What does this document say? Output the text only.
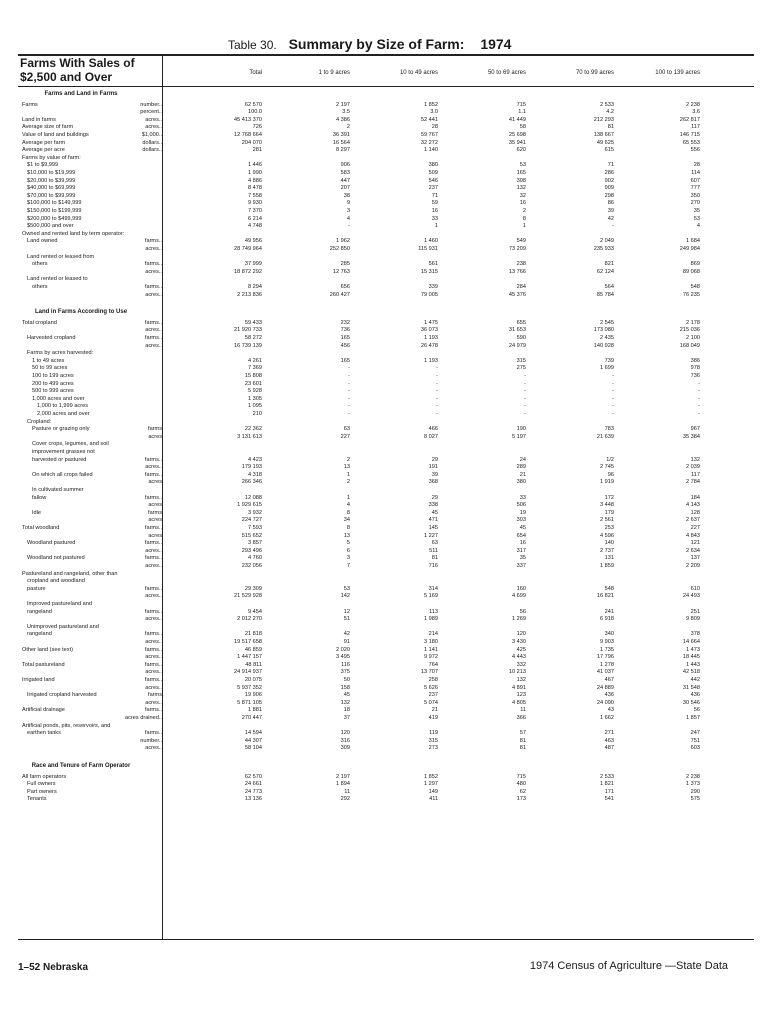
Table 30. Summary by Size of Farm: 1974
Farms With Sales of
$2,500 and Over	Total	1 to 9 acres	10 to 49 acres	50 to 69 acres	70 to 99 acres	100 to 139 acres
Farms and Land in Farms
Farms	number..	62 570	2 197	1 852	715	2 533	2 238
percent..	100.0	3.5	3.0	1.1	4.2	3.6
Land in farms	acres..	45 413 370	4 386	52 441	41 449	212 293	262 817
Average size of farm	acres..	726	2	28	58	81	117
Value of land and buildings	$1,000..	12 768 664	36 391	59 767	25 698	138 667	146 715
Average per farm	dollars..	204 070	16 564	32 272	35 941	49 625	65 553
Average per acre	dollars..	281	8 297	1 140	620	615	556
Farms by value of farm:
$1 to $9,999	1 446	906	380	53	71	28
$10,000 to $19,999	1 990	583	509	165	286	114
$20,000 to $39,999	4 886	447	546	308	902	607
$40,000 to $69,999	8 478	207	237	132	909	777
$70,000 to $99,999	7 558	38	71	32	298	350
$100,000 to $149,999	9 930	9	59	16	86	270
$150,000 to $199,999	7 370	3	16	2	39	35
$200,000 to $499,999	6 214	4	33	8	42	53
$500,000 and over	4 748	-	1	1	-	4
Owned and rented land by term operator:
Land owned	farms..	49 956	1 962	1 460	549	2 049	1 684
acres..	28 749 964	252 850	115 931	73 209	235 933	249 984
Land rented or leased from
others	farms..	37 999	285	561	238	821	869
acres..	18 872 292	12 763	15 315	13 766	62 124	89 068
Land rented or leased to
others	farms..	8 294	656	339	284	564	548
acres..	2 213 836	260 427	79 005	45 376	85 784	76 235
Land in Farms According to Use
Total cropland	farms..	59 433	232	1 475	655	2 545	2 178
acres..	21 920 733	736	36 073	31 653	173 080	215 036
Harvested cropland	farms..	58 272	165	1 193	590	2 435	2 100
acres..	16 739 139	456	26 478	24 979	140 928	168 049
Farms by acres harvested:
1 to 49 acres	4 261	165	1 193	315	739	386
50 to 99 acres	7 369	-	-	275	1 699	978
100 to 199 acres	15 808	-	-	-	-	736
200 to 499 acres	23 601	-	-	-	-	-
500 to 999 acres	5 928	-	-	-	-	-
1,000 acres and over	1 305	-	-	-	-	-
1,000 to 1,999 acres	1 095	-	-	-	-	-
2,000 acres and over	210	-	-	-	-	-
Cropland:
Pasture or grazing only	farms	22 362	63	466	190	783	967
acres	3 131 613	227	8 027	5 197	21 639	35 384
Cover crops, legumes, and soil
improvement grasses not
harvested or pastured	farms..	4 423	2	29	24	1/2	132
acres..	179 193	13	191	289	2 745	2 039
On which all crops failed	farms..	4 318	1	39	21	96	117
acres	266 346	2	368	380	1 919	2 784
In cultivated summer
fallow	farms..	12 088	1	29	33	172	184
acres	1 929 615	4	338	506	3 448	4 143
Idle	farms	3 932	8	45	19	179	128
acres	224 727	34	471	303	2 561	2 637
Total woodland	farms..	7 593	8	145	45	253	227
acres	515 652	13	1 227	654	4 596	4 843
Woodland pastured	farms..	3 857	5	63	16	140	121
acres..	293 496	6	511	317	2 737	2 634
Woodland not pastured	farms..	4 760	3	81	35	131	137
acres..	232 056	7	716	337	1 859	2 209
Pastureland and rangeland, other than
cropland and woodland
pasture	farms..	29 309	53	314	160	548	610
acres..	21 529 928	142	5 169	4 699	16 821	24 493
Improved pastureland and
rangeland	farms..	9 454	12	113	56	241	251
acres..	2 012 270	51	1 989	1 269	6 918	9 809
Unimproved pastureland and
rangeland	farms..	21 818	42	214	120	340	378
acres..	19 517 658	91	3 180	3 430	9 903	14 664
Other land (see text)	farms..	46 859	2 020	1 141	425	1 735	1 473
acres..	1 447 157	3 495	9 972	4 443	17 796	18 445
Total pastureland	farms..	48 811	116	764	332	1 278	1 443
acres..	24 914 937	375	13 707	10 213	41 037	42 518
Irrigated land	farms..	20 075	50	258	132	467	442
acres..	5 937 352	158	5 626	4 891	24 889	31 548
Irrigated cropland harvested	farms	19 906	45	237	123	436	436
acres..	5 871 105	132	5 074	4 805	24 090	30 546
Artificial drainage	farms..	1 881	18	21	11	43	56
acres drained..	270 447	37	419	366	1 662	1 857
Artificial ponds, pits, reservoirs, and
earthen tanks	farms..	14 594	120	119	57	271	247
number..	44 307	316	315	81	463	751
acres..	58 104	309	273	81	487	603
Race and Tenure of Farm Operator
All farm operators	62 570	2 197	1 852	715	2 533	2 238
Full owners	24 661	1 894	1 297	480	1 821	1 373
Part owners	24 773	11	149	62	171	290
Tenants	13 136	292	411	173	541	575
1–52 Nebraska	1974 Census of Agriculture —State Data
